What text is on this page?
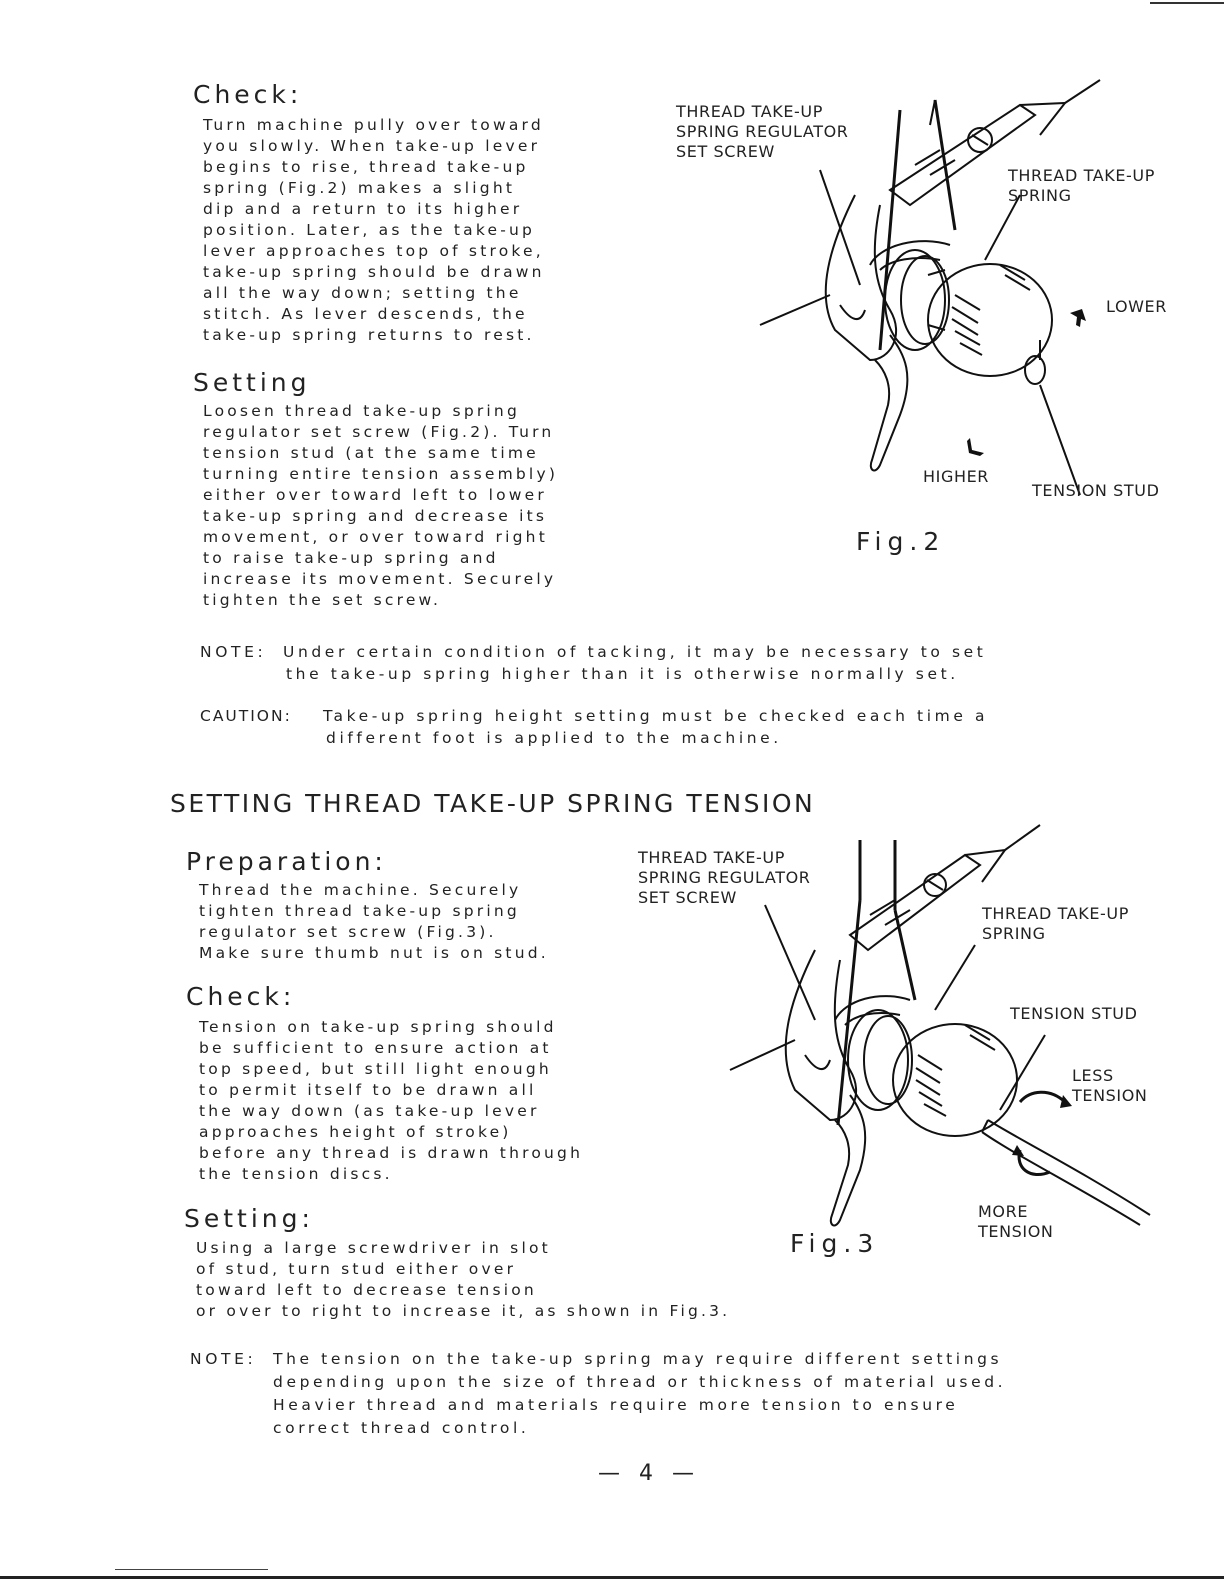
Check:
Turn machine pully over toward
you slowly. When take-up lever
begins to rise, thread take-up
spring (Fig.2) makes a slight
dip and a return to its higher
position. Later, as the take-up
lever approaches top of stroke,
take-up spring should be drawn
all the way down; setting the
stitch. As lever descends, the
take-up spring returns to rest.
Setting
Loosen thread take-up spring
regulator set screw (Fig.2). Turn
tension stud (at the same time
turning entire tension assembly)
either over toward left to lower
take-up spring and decrease its
movement, or over toward right
to raise take-up spring and
increase its movement. Securely
tighten the set screw.
NOTE: Under certain condition of tacking, it may be necessary to set
the take-up spring higher than it is otherwise normally set.
CAUTION: Take-up spring height setting must be checked each time a
different foot is applied to the machine.
THREAD TAKE-UP
SPRING REGULATOR
SET SCREW
THREAD TAKE-UP
SPRING
LOWER
HIGHER
TENSION STUD
Fig.2
SETTING THREAD TAKE-UP SPRING TENSION
Preparation:
Thread the machine. Securely
tighten thread take-up spring
regulator set screw (Fig.3).
Make sure thumb nut is on stud.
Check:
Tension on take-up spring should
be sufficient to ensure action at
top speed, but still light enough
to permit itself to be drawn all
the way down (as take-up lever
approaches height of stroke)
before any thread is drawn through
the tension discs.
Setting:
Using a large screwdriver in slot
of stud, turn stud either over
toward left to decrease tension
or over to right to increase it, as shown in Fig.3.
NOTE: The tension on the take-up spring may require different settings
depending upon the size of thread or thickness of material used.
Heavier thread and materials require more tension to ensure
correct thread control.
THREAD TAKE-UP
SPRING REGULATOR
SET SCREW
THREAD TAKE-UP
SPRING
TENSION STUD
LESS
TENSION
MORE
TENSION
Fig.3
— 4 —
